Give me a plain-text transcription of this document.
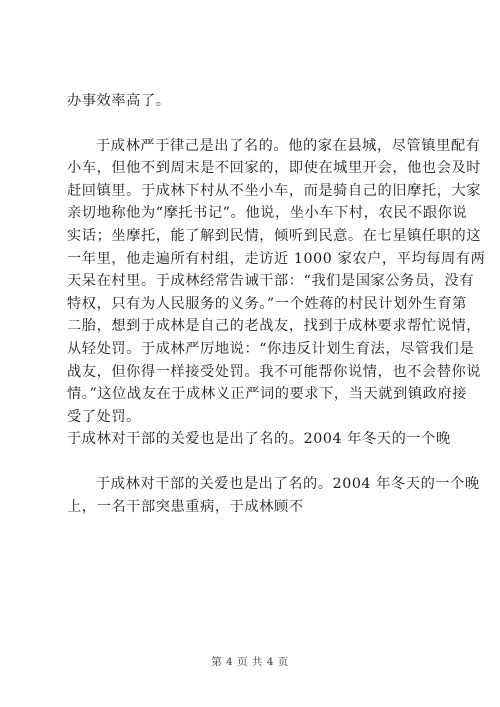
办事效率高了。
于成林严于律己是出了名的。他的家在县城，尽管镇里配有
小车，但他不到周末是不回家的，即使在城里开会，他也会及时
赶回镇里。于成林下村从不坐小车，而是骑自己的旧摩托，大家
亲切地称他为“摩托书记”。他说，坐小车下村，农民不跟你说
实话；坐摩托，能了解到民情，倾听到民意。在七星镇任职的这
一年里，他走遍所有村组，走访近 1000 家农户，平均每周有两
天呆在村里。于成林经常告诫干部：“我们是国家公务员，没有
特权，只有为人民服务的义务。”一个姓蒋的村民计划外生育第
二胎，想到于成林是自己的老战友，找到于成林要求帮忙说情，
从轻处罚。于成林严厉地说：“你违反计划生育法，尽管我们是
战友，但你得一样接受处罚。我不可能帮你说情，也不会替你说
情。”这位战友在于成林义正严词的要求下，当天就到镇政府接
受了处罚。
于成林对干部的关爱也是出了名的。2004 年冬天的一个晚
于成林对干部的关爱也是出了名的。2004 年冬天的一个晚
上，一名干部突患重病，于成林顾不
第 4 页 共 4 页
